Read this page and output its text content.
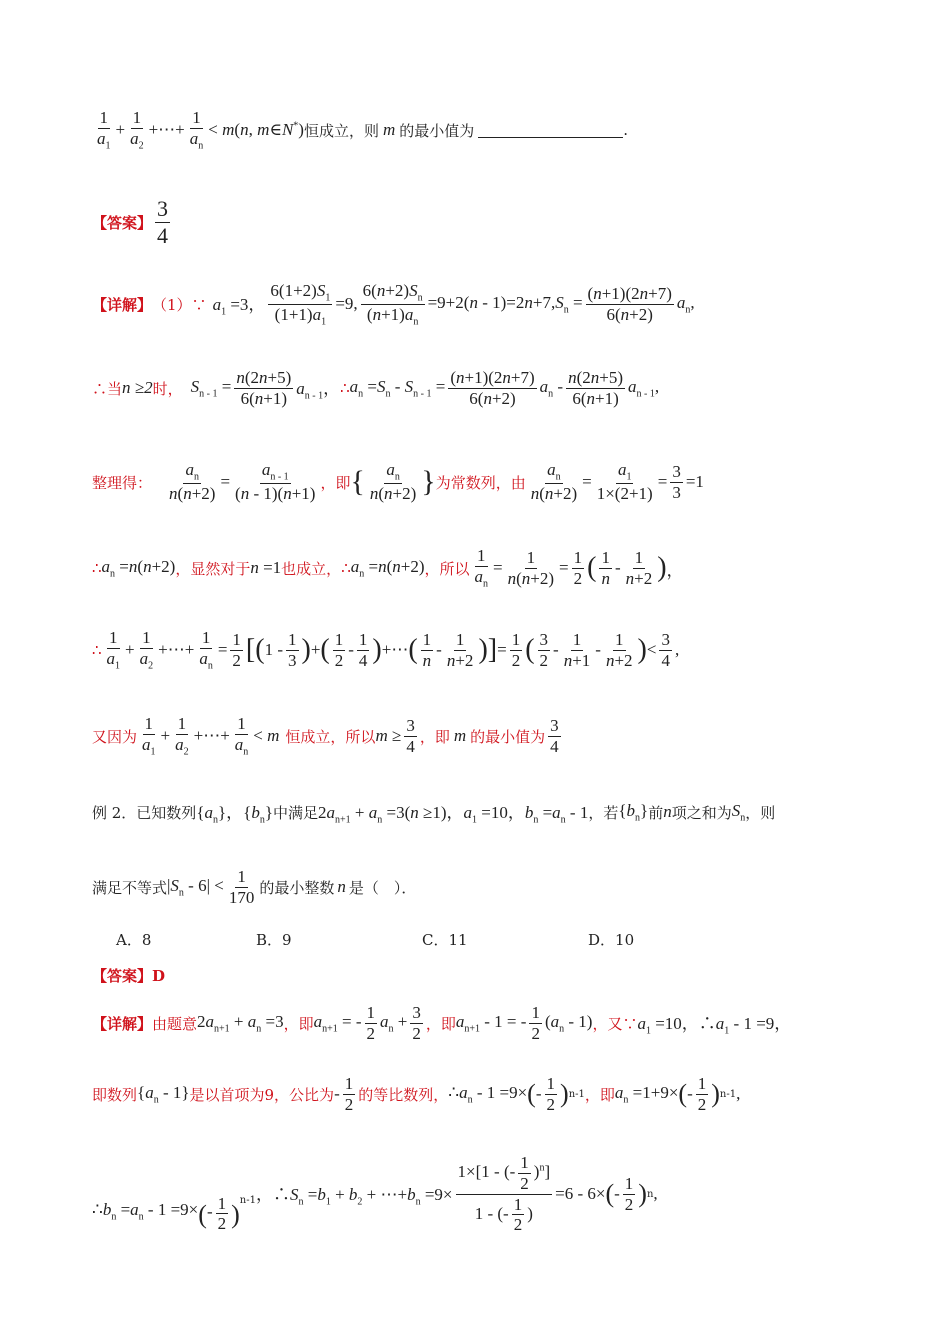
$\frac{1}{a_1} + \frac{1}{a_2}$ +⋯+ $\frac{1}{a_n} < m(n$, m∈N*) 恒成立，则 m 的最小值为	.
【答案】 $\frac{3}{4}$
【详解】 （1）∵ $a_1 =3$， $\frac{6(1+2)S_1}{(1+1)a_1} =9$, $\frac{6(n+2)S_n}{(n+1)a_n} =9+2(n - 1)=2n+7,S_n = \frac{(n+1)(2n+7)}{6(n+2)} a_n$,
∴当 n ≥2 时， $S_{n - 1} = \frac{n(2n+5)}{6(n+1)} a_{n - 1}$， ∴ $a_n =S_n - S_{n - 1} = \frac{(n+1)(2n+7)}{6(n+2)} a_n - \frac{n(2n+5)}{6(n+1)} a_{n - 1}$,
整理得： $\frac{a_n}{n(n+2)} = \frac{a_{n - 1}}{(n - 1)(n+1)}$ ，即 { $\frac{a_n}{n(n+2)}$ } 为常数列，由 $\frac{a_n}{n(n+2)} = \frac{a_1}{1\times(2+1)} = \frac{3}{3} =1$
∴ $a_n =n(n+2)$ ，显然对于 n =1 也成立， ∴ $a_n =n(n+2)$ ，所以 $\frac{1}{a_n} = \frac{1}{n(n+2)} = \frac{1}{2}$ ( $\frac{1}{n} - \frac{1}{n+2}$ ) ，
∴ $\frac{1}{a_1} + \frac{1}{a_2}$ +⋯+ $\frac{1}{a_n} = \frac{1}{2}$ [( $1 - \frac{1}{3}$ ) + ( $\frac{1}{2} - \frac{1}{4}$ ) +⋯ ( $\frac{1}{n} - \frac{1}{n+2}$ )] = $\frac{1}{2}$ ( $\frac{3}{2} - \frac{1}{n+1} - \frac{1}{n+2}$ ) < $\frac{3}{4}$ ,
又因为 $\frac{1}{a_1} + \frac{1}{a_2}$ +⋯+ $\frac{1}{a_n} < m$ 恒成立，所以 $m \ge \frac{3}{4}$ ，即 m 的最小值为 $\frac{3}{4}$
例 2．已知数列 $\{a_n\}$，$\{b_n\}$ 中满足 $2a_{n+1} + a_n =3(n \ge 1)$，$a_1 =10$，$b_n =a_n - 1$ ，若 $\{b_n\}$ 前 n 项之和为 $S_n$ ，则
满足不等式 $|S_n - 6| < \frac{1}{170}$ 的最小整数 n 是（　）．
A．8	B．9	C．11	D．10
【答案】D
【详解】 由题意 $2a_{n+1} + a_n =3$ ，即 $a_{n+1}$ = - $\frac{1}{2} a_n + \frac{3}{2}$ ，即 $a_{n+1} - 1$ = - $\frac{1}{2} (a_n - 1)$ ，又∵ $a_1 =10$，$\therefore a_1 - 1 =9$，
即数列 $\{a_n - 1\}$ 是以首项为9，公比为 - $\frac{1}{2}$ 的等比数列， $\therefore a_n - 1 =9\times$ ( - $\frac{1}{2}$ ) n-1 ，即 $a_n =1+9\times$ ( - $\frac{1}{2}$ ) n-1 ,
$\therefore b_n =a_n - 1 =9\times$ ( - $\frac{1}{2} )^{n-1}$ ，$\therefore S_n =b_1 + b_2$ + $\cdots+b_n =9\times \frac{1\times[1 - (- \frac{1}{2} )^n]}{1 - (- \frac{1}{2} )} =6 - 6\times$ ( - $\frac{1}{2}$ ) n ,
